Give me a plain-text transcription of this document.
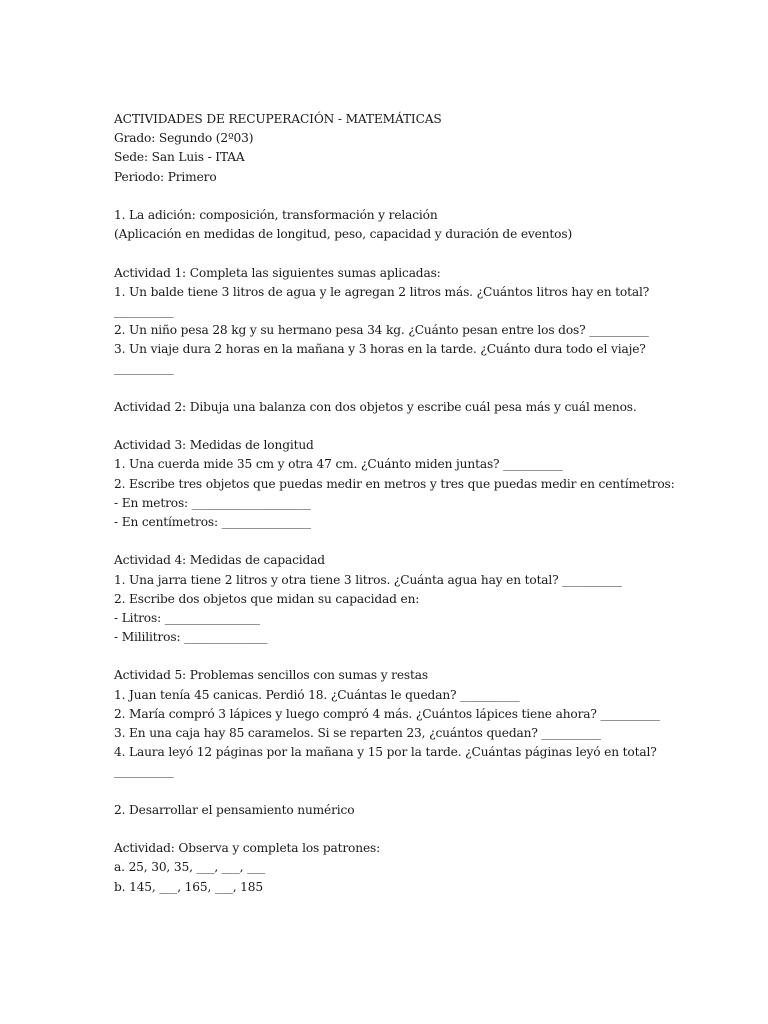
ACTIVIDADES DE RECUPERACIÓN - MATEMÁTICAS
Grado: Segundo (2º03)
Sede: San Luis - ITAA
Periodo: Primero
1. La adición: composición, transformación y relación
(Aplicación en medidas de longitud, peso, capacidad y duración de eventos)
Actividad 1: Completa las siguientes sumas aplicadas:
1. Un balde tiene 3 litros de agua y le agregan 2 litros más. ¿Cuántos litros hay en total?
__________
2. Un niño pesa 28 kg y su hermano pesa 34 kg. ¿Cuánto pesan entre los dos? __________
3. Un viaje dura 2 horas en la mañana y 3 horas en la tarde. ¿Cuánto dura todo el viaje?
__________
Actividad 2: Dibuja una balanza con dos objetos y escribe cuál pesa más y cuál menos.
Actividad 3: Medidas de longitud
1. Una cuerda mide 35 cm y otra 47 cm. ¿Cuánto miden juntas? __________
2. Escribe tres objetos que puedas medir en metros y tres que puedas medir en centímetros:
- En metros: ____________________
- En centímetros: _______________
Actividad 4: Medidas de capacidad
1. Una jarra tiene 2 litros y otra tiene 3 litros. ¿Cuánta agua hay en total? __________
2. Escribe dos objetos que midan su capacidad en:
- Litros: ________________
- Mililitros: ______________
Actividad 5: Problemas sencillos con sumas y restas
1. Juan tenía 45 canicas. Perdió 18. ¿Cuántas le quedan? __________
2. María compró 3 lápices y luego compró 4 más. ¿Cuántos lápices tiene ahora? __________
3. En una caja hay 85 caramelos. Si se reparten 23, ¿cuántos quedan? __________
4. Laura leyó 12 páginas por la mañana y 15 por la tarde. ¿Cuántas páginas leyó en total?
__________
2. Desarrollar el pensamiento numérico
Actividad: Observa y completa los patrones:
a. 25, 30, 35, ___, ___, ___
b. 145, ___, 165, ___, 185
